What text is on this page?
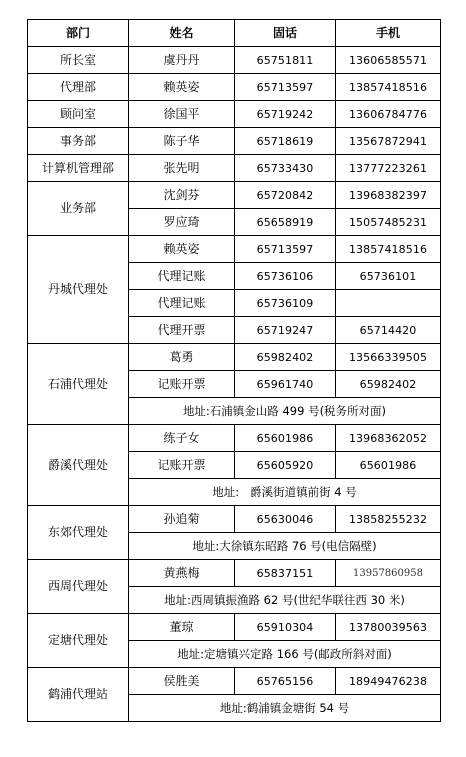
部门	姓名	固话	手机
所长室	虞丹丹	65751811	13606585571
代理部	赖英姿	65713597	13857418516
顾问室	徐国平	65719242	13606784776
事务部	陈子华	65718619	13567872941
计算机管理部	张先明	65733430	13777223261
业务部	沈剑芬	65720842	13968382397
	罗应琦	65658919	15057485231
丹城代理处	赖英姿	65713597	13857418516
	代理记账	65736106	65736101
	代理记账	65736109	
	代理开票	65719247	65714420
石浦代理处	葛勇	65982402	13566339505
	记账开票	65961740	65982402
	地址:石浦镇金山路 499 号(税务所对面)		
爵溪代理处	练子女	65601986	13968362052
	记账开票	65605920	65601986
	地址:   爵溪街道镇前街 4 号		
东郊代理处	孙追菊	65630046	13858255232
	地址:大徐镇东昭路 76 号(电信隔壁)		
西周代理处	黄燕梅	65837151	13957860958
	地址:西周镇振渔路 62 号(世纪华联往西 30 米)		
定塘代理处	董琼	65910304	13780039563
	地址:定塘镇兴定路 166 号(邮政所斜对面)		
鹤浦代理站	侯胜美	65765156	18949476238
	地址:鹤浦镇金塘街 54 号		
